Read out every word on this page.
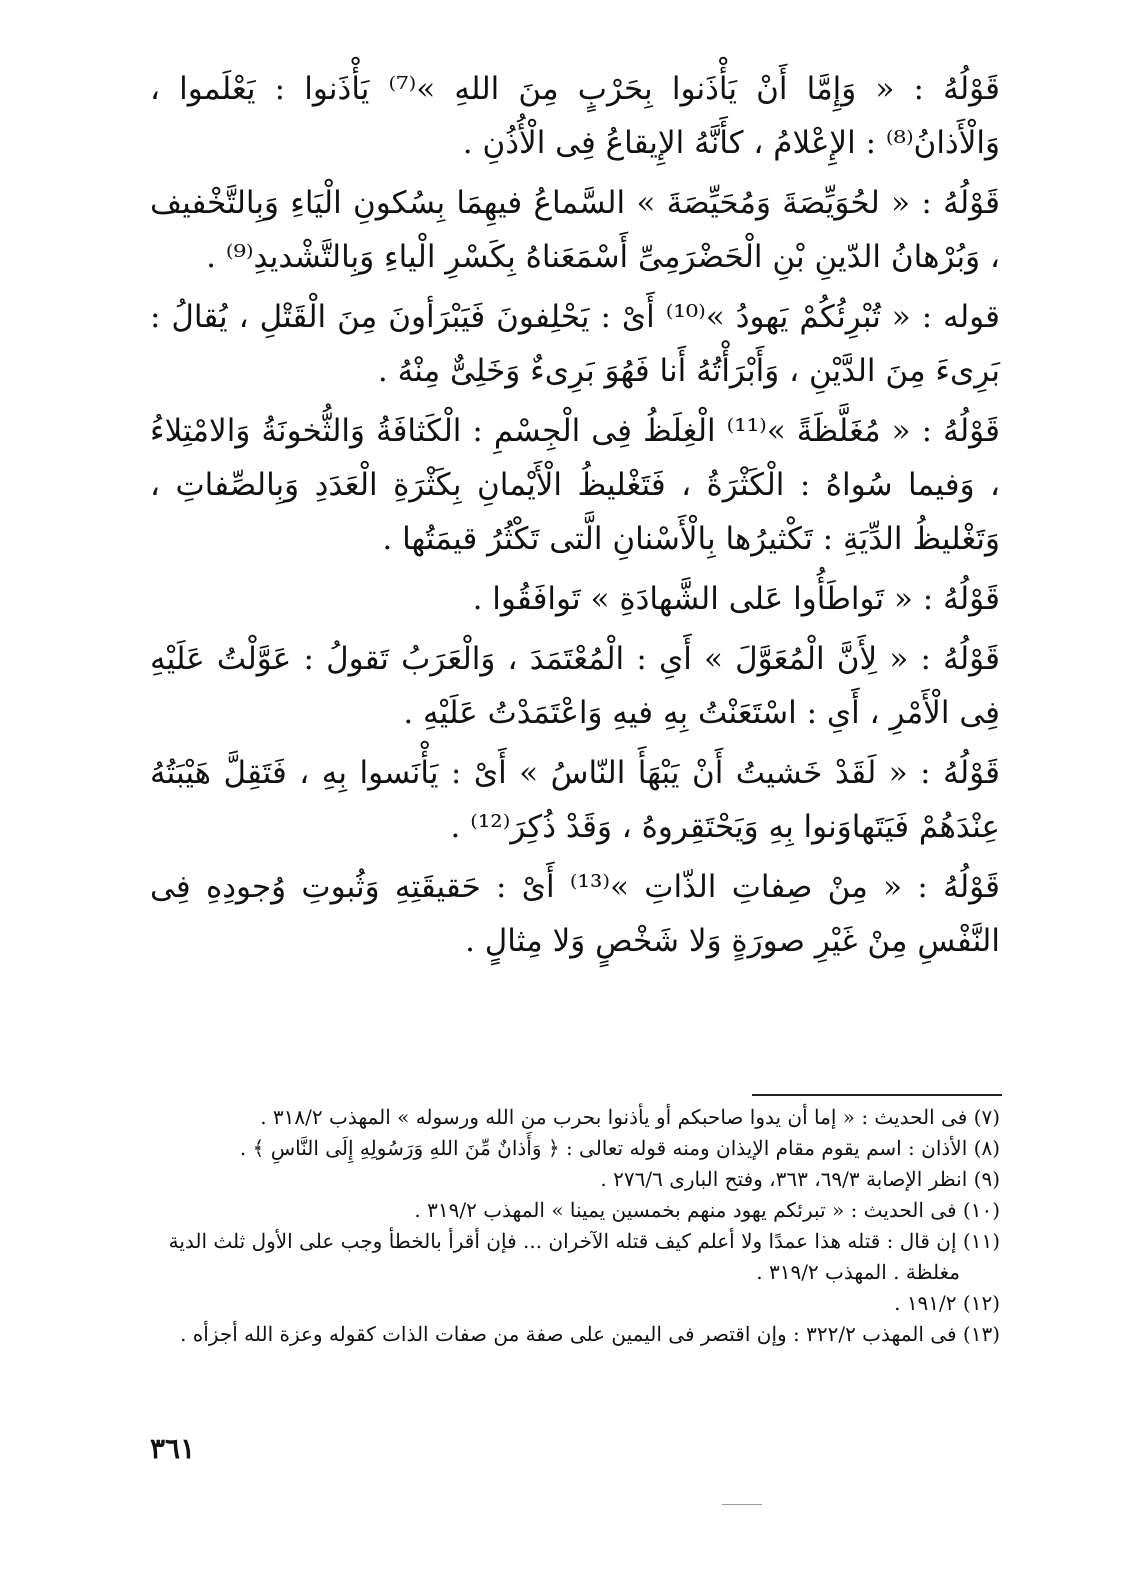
قَوْلُهُ : « وَإِمَّا أَنْ يَأْذَنوا بِحَرْبٍ مِنَ اللهِ »⁽⁷⁾ يَأْذَنوا : يَعْلَموا ، وَالْأَذانُ⁽⁸⁾ : الإِعْلامُ ، كأَنَّهُ الإِيقاعُ فِى الْأُذُنِ .

قَوْلُهُ : « لحُوَيِّصَةَ وَمُحَيِّصَةَ » السَّماعُ فيهِمَا بِسُكونِ الْيَاءِ وَبِالتَّخْفيف ، وَبُرْهانُ الدّينِ بْنِ الْحَضْرَمِىِّ أَسْمَعَناهُ بِكَسْرِ الْياءِ وَبِالتَّشْديدِ⁽⁹⁾ .

قوله : « تُبْرِئُكُمْ يَهودُ »⁽¹⁰⁾ أَىْ : يَحْلِفونَ فَيَبْرَأونَ مِنَ الْقَتْلِ ، يُقالُ : بَرِىءَ مِنَ الدَّيْنِ ، وَأَبْرَأْتُهُ أَنا فَهُوَ بَرِىءٌ وَخَلِىٌّ مِنْهُ .

قَوْلُهُ : « مُغَلَّظَةً »⁽¹¹⁾ الْغِلَظُ فِى الْجِسْمِ : الْكَثافَةُ وَالثُّخونَةُ وَالامْتِلاءُ ، وَفيما سُواهُ : الْكَثْرَةُ ، فَتَغْليظُ الْأَيْمانِ بِكَثْرَةِ الْعَدَدِ وَبِالصِّفاتِ ، وَتَغْليظُ الدِّيَةِ : تَكْثيرُها بِالْأَسْنانِ الَّتى تَكْثُرُ قيمَتُها .

قَوْلُهُ : « تَواطَأُوا عَلى الشَّهادَةِ » تَوافَقُوا .

قَوْلُهُ : « لِأَنَّ الْمُعَوَّلَ » أَىِ : الْمُعْتَمَدَ ، وَالْعَرَبُ تَقولُ : عَوَّلْتُ عَلَيْهِ فِى الْأَمْرِ ، أَىِ : اسْتَعَنْتُ بِهِ فيهِ وَاعْتَمَدْتُ عَلَيْهِ .

قَوْلُهُ : « لَقَدْ خَشيتُ أَنْ يَبْهَأَ النّاسُ » أَىْ : يَأْنَسوا بِهِ ، فَتَقِلَّ هَيْبَتُهُ عِنْدَهُمْ فَيَتَهاوَنوا بِهِ وَيَحْتَقِروهُ ، وَقَدْ ذُكِرَ⁽¹²⁾ .

قَوْلُهُ : « مِنْ صِفاتِ الذّاتِ »⁽¹³⁾ أَىْ : حَقيقَتِهِ وَثُبوتِ وُجودِهِ فِى النَّفْسِ مِنْ غَيْرِ صورَةٍ وَلا شَخْصٍ وَلا مِثالٍ .

(٧) فى الحديث : « إما أن يدوا صاحبكم أو يأذنوا بحرب من الله ورسوله » المهذب ٣١٨/٢ .

(٨) الأذان : اسم يقوم مقام الإيذان ومنه قوله تعالى : ﴿ وَأَذانٌ مِّنَ اللهِ وَرَسُولِهِ إِلَى النَّاسِ ﴾ .

(٩) انظر الإصابة ٦٩/٣، ٣٦٣، وفتح البارى ٢٧٦/٦ .

(١٠) فى الحديث : « تبرئكم يهود منهم بخمسين يمينا » المهذب ٣١٩/٢ .

(١١) إن قال : قتله هذا عمدًا ولا أعلم كيف قتله الآخران ... فإن أقرأ بالخطأ وجب على الأول ثلث الدية

مغلظة . المهذب ٣١٩/٢ .

(١٢) ١٩١/٢ .

(١٣) فى المهذب ٣٢٢/٢ : وإن اقتصر فى اليمين على صفة من صفات الذات كقوله وعزة الله أجزأه .

٣٦١
